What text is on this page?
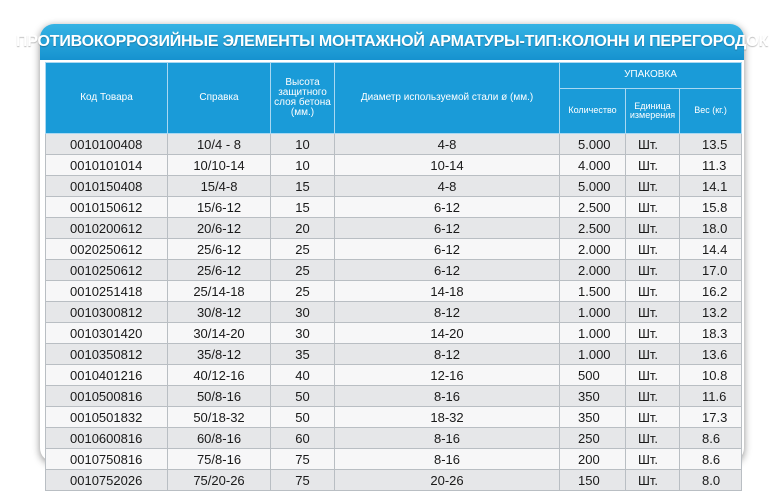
ПРОТИВОКОРРОЗИЙНЫЕ ЭЛЕМЕНТЫ МОНТАЖНОЙ АРМАТУРЫ-ТИП:КОЛОНН И ПЕРЕГОРОДОК
Код Товара	Справка	Высота защитного слоя бетона (мм.)	Диаметр используемой стали ø (мм.)	УПАКОВКА		
				Количество	Единица измерения	Вес (кг.)
0010100408	10/4 - 8	10	4-8	5.000	Шт.	13.5
0010101014	10/10-14	10	10-14	4.000	Шт.	11.3
0010150408	15/4-8	15	4-8	5.000	Шт.	14.1
0010150612	15/6-12	15	6-12	2.500	Шт.	15.8
0010200612	20/6-12	20	6-12	2.500	Шт.	18.0
0020250612	25/6-12	25	6-12	2.000	Шт.	14.4
0010250612	25/6-12	25	6-12	2.000	Шт.	17.0
0010251418	25/14-18	25	14-18	1.500	Шт.	16.2
0010300812	30/8-12	30	8-12	1.000	Шт.	13.2
0010301420	30/14-20	30	14-20	1.000	Шт.	18.3
0010350812	35/8-12	35	8-12	1.000	Шт.	13.6
0010401216	40/12-16	40	12-16	500	Шт.	10.8
0010500816	50/8-16	50	8-16	350	Шт.	11.6
0010501832	50/18-32	50	18-32	350	Шт.	17.3
0010600816	60/8-16	60	8-16	250	Шт.	8.6
0010750816	75/8-16	75	8-16	200	Шт.	8.6
0010752026	75/20-26	75	20-26	150	Шт.	8.0
